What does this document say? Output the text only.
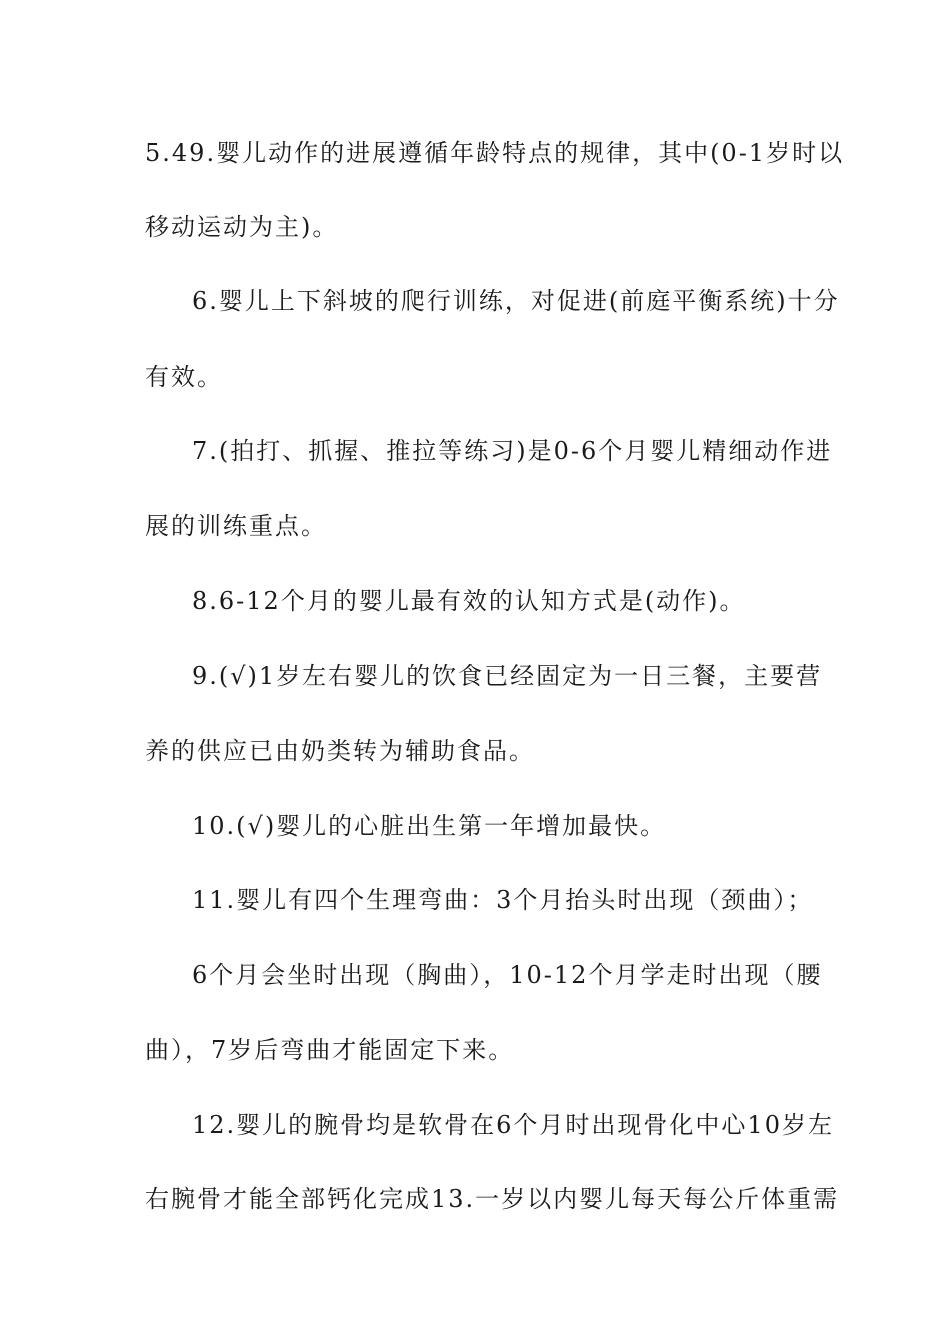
5.49.婴儿动作的进展遵循年龄特点的规律，其中(0-1岁时以
移动运动为主)。
6.婴儿上下斜坡的爬行训练，对促进(前庭平衡系统)十分
有效。
7.(拍打、抓握、推拉等练习)是0-6个月婴儿精细动作进
展的训练重点。
8.6-12个月的婴儿最有效的认知方式是(动作)。
9.(√)1岁左右婴儿的饮食已经固定为一日三餐，主要营
养的供应已由奶类转为辅助食品。
10.(√)婴儿的心脏出生第一年增加最快。
11.婴儿有四个生理弯曲：3个月抬头时出现（颈曲）；
6个月会坐时出现（胸曲），10-12个月学走时出现（腰
曲），7岁后弯曲才能固定下来。
12.婴儿的腕骨均是软骨在6个月时出现骨化中心10岁左
右腕骨才能全部钙化完成13.一岁以内婴儿每天每公斤体重需
